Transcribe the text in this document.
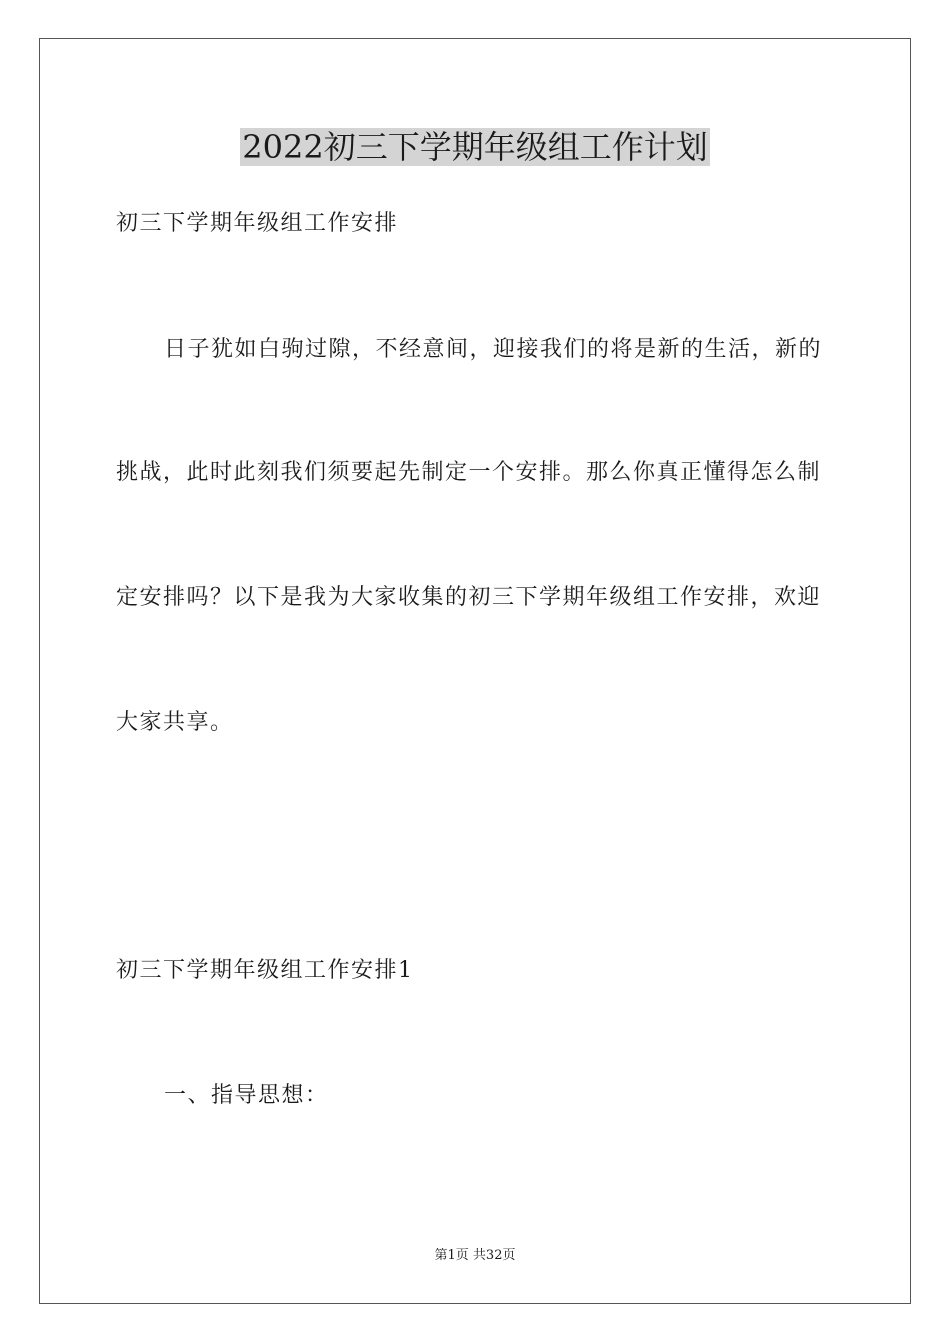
2022初三下学期年级组工作计划
初三下学期年级组工作安排
日子犹如白驹过隙，不经意间，迎接我们的将是新的生活，新的
挑战，此时此刻我们须要起先制定一个安排。那么你真正懂得怎么制
定安排吗？以下是我为大家收集的初三下学期年级组工作安排，欢迎
大家共享。
初三下学期年级组工作安排1
一、指导思想：
第1页 共32页
